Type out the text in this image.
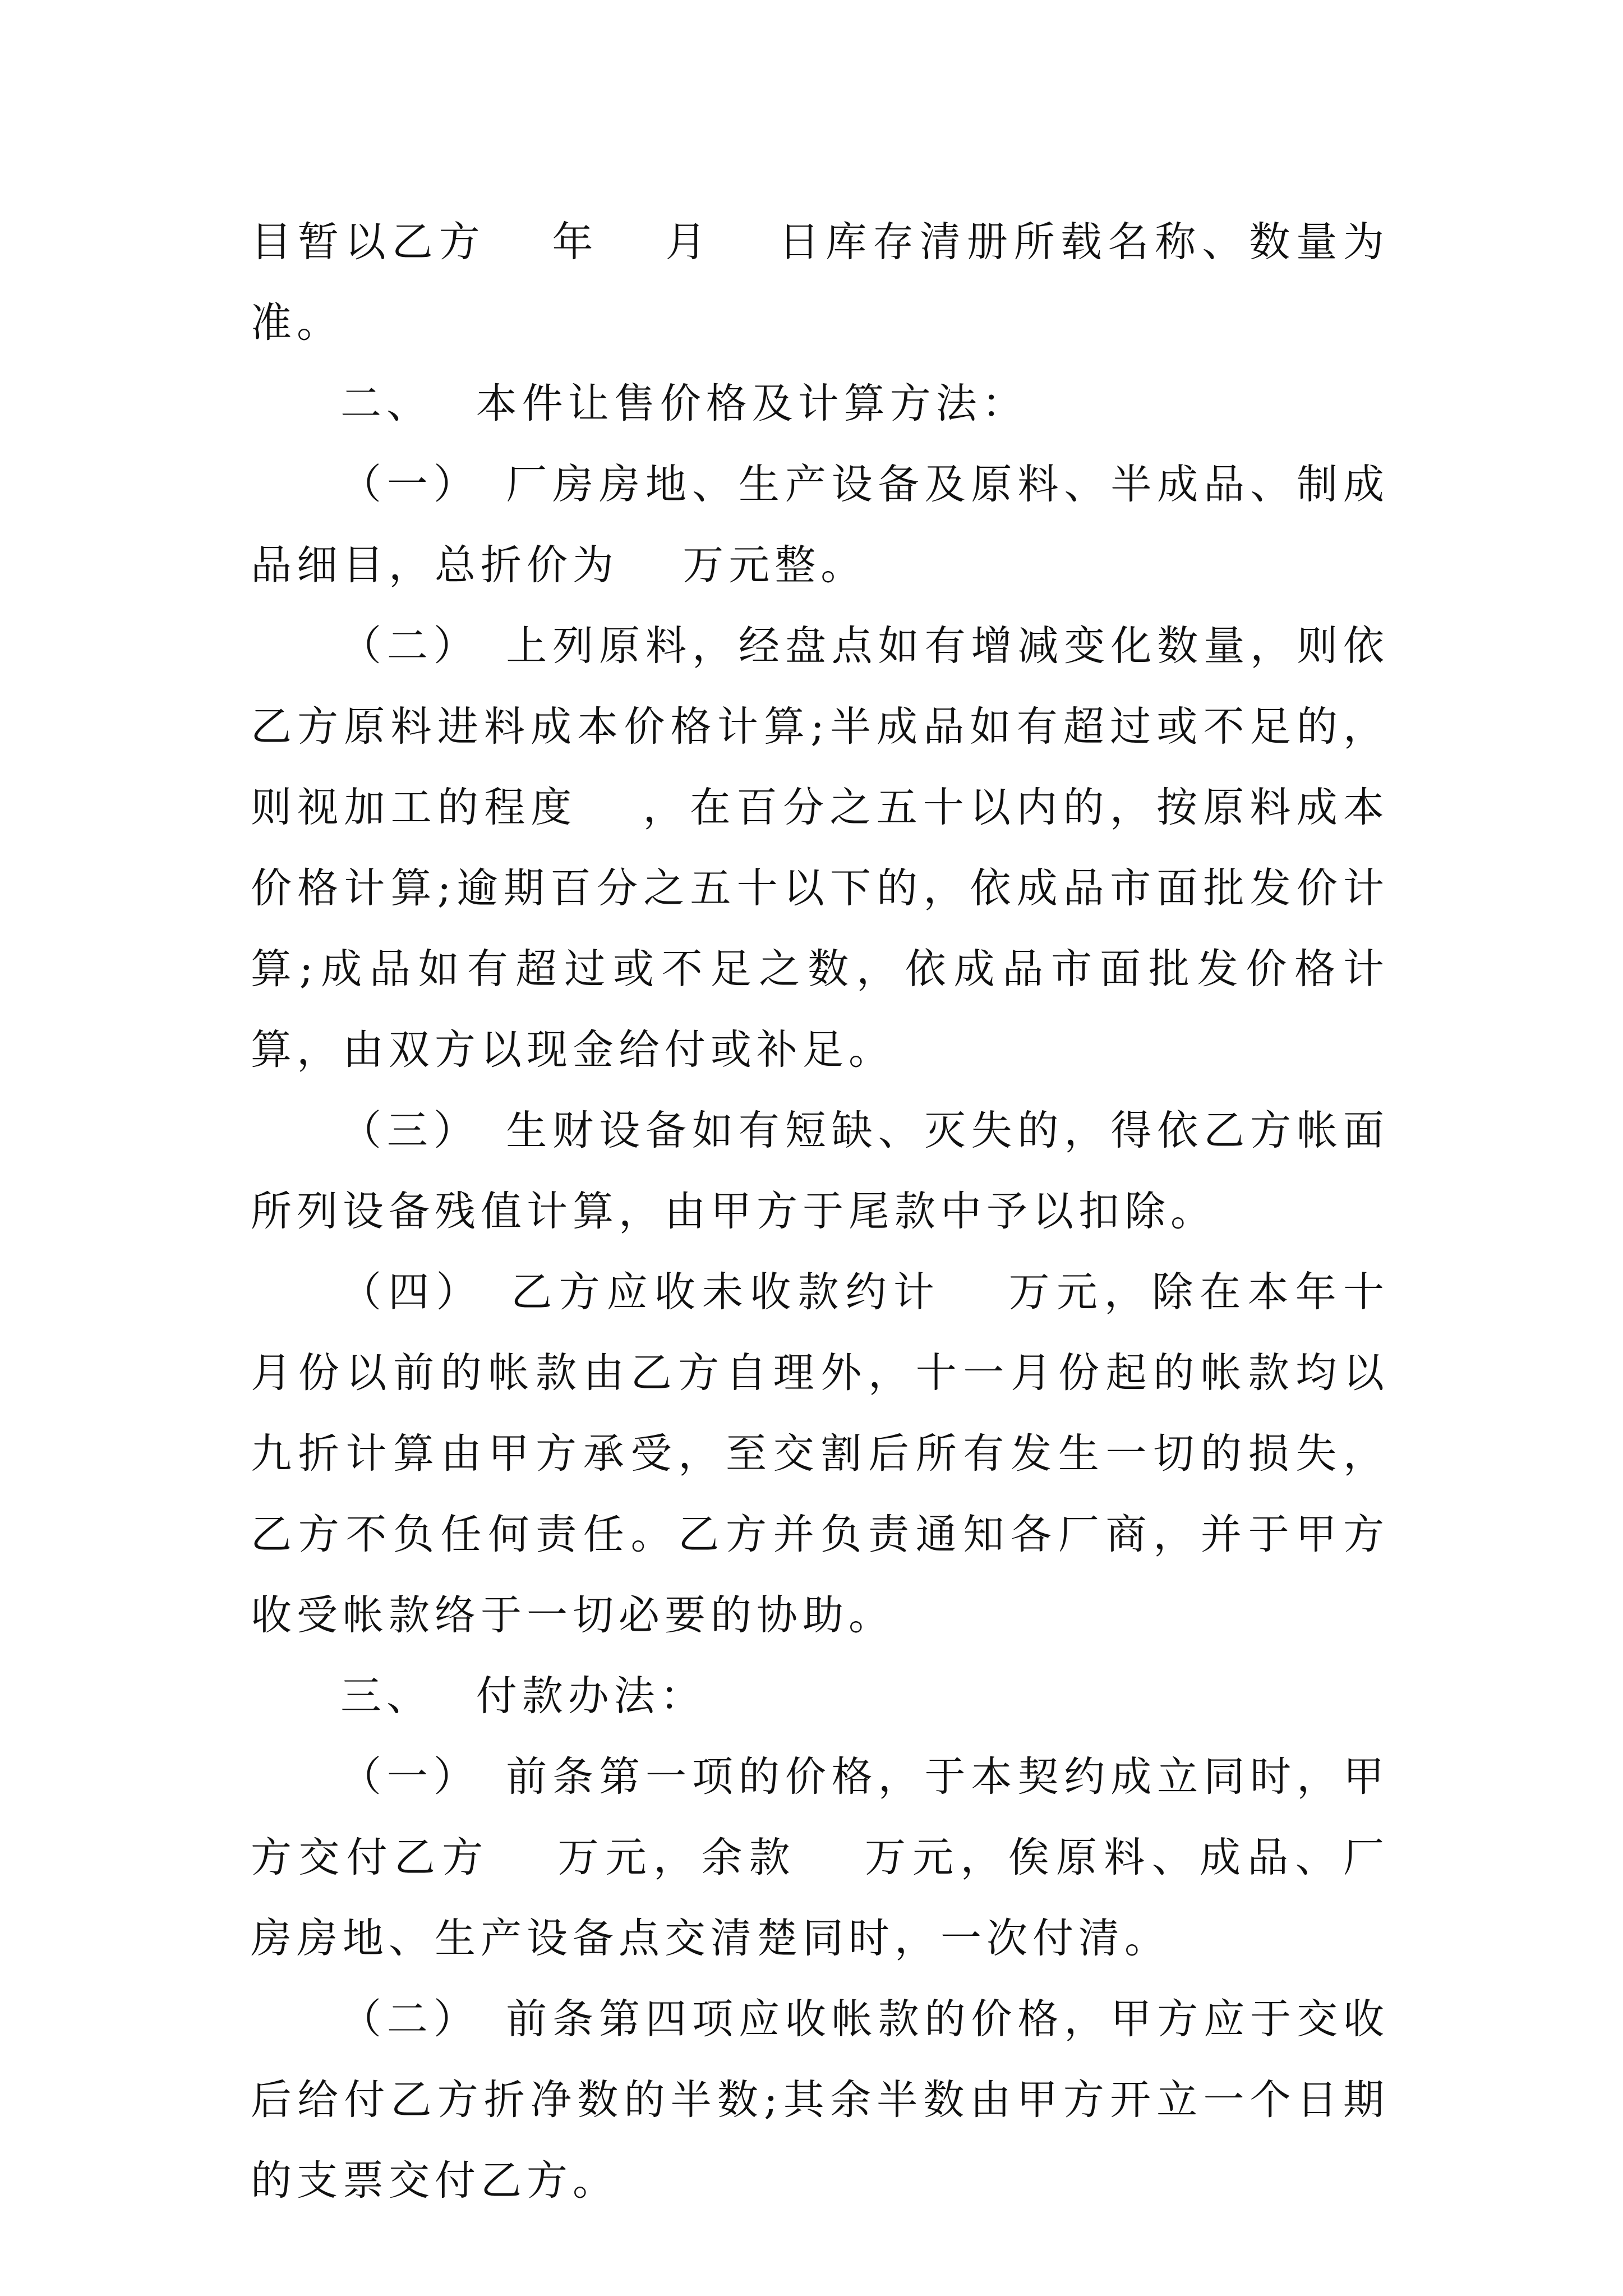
目暂以乙方　 年　 月　 日库存清册所载名称、数量为准。

二、　 本件让售价格及计算方法：

（一）　厂房房地、生产设备及原料、半成品、制成品细目，总折价为　 万元整。

（二）　上列原料，经盘点如有增减变化数量，则依乙方原料进料成本价格计算;半成品如有超过或不足的，则视加工的程度　 ，在百分之五十以内的，按原料成本价格计算;逾期百分之五十以下的，依成品市面批发价计算;成品如有超过或不足之数，依成品市面批发价格计算，由双方以现金给付或补足。

（三）　生财设备如有短缺、灭失的，得依乙方帐面所列设备残值计算，由甲方于尾款中予以扣除。

（四）　乙方应收未收款约计　 万元，除在本年十月份以前的帐款由乙方自理外，十一月份起的帐款均以九折计算由甲方承受，至交割后所有发生一切的损失，乙方不负任何责任。乙方并负责通知各厂商，并于甲方收受帐款络于一切必要的协助。

三、　 付款办法：

（一）　前条第一项的价格，于本契约成立同时，甲方交付乙方　 万元，余款　 万元，俟原料、成品、厂房房地、生产设备点交清楚同时，一次付清。

（二）　前条第四项应收帐款的价格，甲方应于交收后给付乙方折净数的半数;其余半数由甲方开立一个日期的支票交付乙方。
